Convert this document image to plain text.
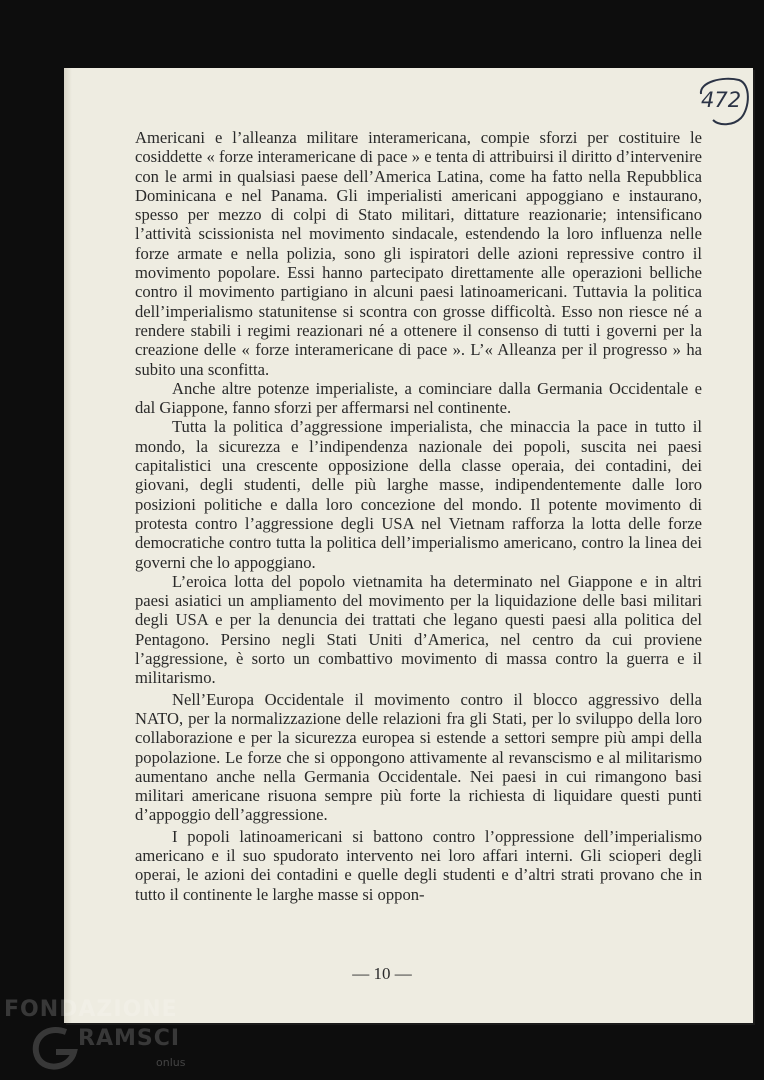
472

Americani e l’alleanza militare interamericana, compie sforzi per costituire le cosiddette « forze interamericane di pace » e tenta di attribuirsi il diritto d’intervenire con le armi in qualsiasi paese dell’America Latina, come ha fatto nella Repubblica Dominicana e nel Panama. Gli imperialisti americani appoggiano e instaurano, spesso per mezzo di colpi di Stato militari, dittature reazionarie; intensificano l’attività scissionista nel movimento sindacale, estendendo la loro influenza nelle forze armate e nella polizia, sono gli ispiratori delle azioni repressive contro il movimento popolare. Essi hanno partecipato direttamente alle operazioni belliche contro il movimento partigiano in alcuni paesi latinoamericani. Tuttavia la politica dell’imperialismo statunitense si scontra con grosse difficoltà. Esso non riesce né a rendere stabili i regimi reazionari né a ottenere il consenso di tutti i governi per la creazione delle « forze interamericane di pace ». L’« Alleanza per il progresso » ha subito una sconfitta.

Anche altre potenze imperialiste, a cominciare dalla Germania Occidentale e dal Giappone, fanno sforzi per affermarsi nel continente.

Tutta la politica d’aggressione imperialista, che minaccia la pace in tutto il mondo, la sicurezza e l’indipendenza nazionale dei popoli, suscita nei paesi capitalistici una crescente opposizione della classe operaia, dei contadini, dei giovani, degli studenti, delle più larghe masse, indipendentemente dalle loro posizioni politiche e dalla loro concezione del mondo. Il potente movimento di protesta contro l’aggressione degli USA nel Vietnam rafforza la lotta delle forze democratiche contro tutta la politica dell’imperialismo americano, contro la linea dei governi che lo appoggiano.

L’eroica lotta del popolo vietnamita ha determinato nel Giappone e in altri paesi asiatici un ampliamento del movimento per la liquidazione delle basi militari degli USA e per la denuncia dei trattati che legano questi paesi alla politica del Pentagono. Persino negli Stati Uniti d’America, nel centro da cui proviene l’aggressione, è sorto un combattivo movimento di massa contro la guerra e il militarismo.

Nell’Europa Occidentale il movimento contro il blocco aggressivo della NATO, per la normalizzazione delle relazioni fra gli Stati, per lo sviluppo della loro collaborazione e per la sicurezza europea si estende a settori sempre più ampi della popolazione. Le forze che si oppongono attivamente al revanscismo e al militarismo aumentano anche nella Germania Occidentale. Nei paesi in cui rimangono basi militari americane risuona sempre più forte la richiesta di liquidare questi punti d’appoggio dell’aggressione.

I popoli latinoamericani si battono contro l’oppressione dell’imperialismo americano e il suo spudorato intervento nei loro affari interni. Gli scioperi degli operai, le azioni dei contadini e quelle degli studenti e d’altri strati provano che in tutto il continente le larghe masse si oppon-

— 10 —
FONDAZIONE
RAMSCI
onlus
